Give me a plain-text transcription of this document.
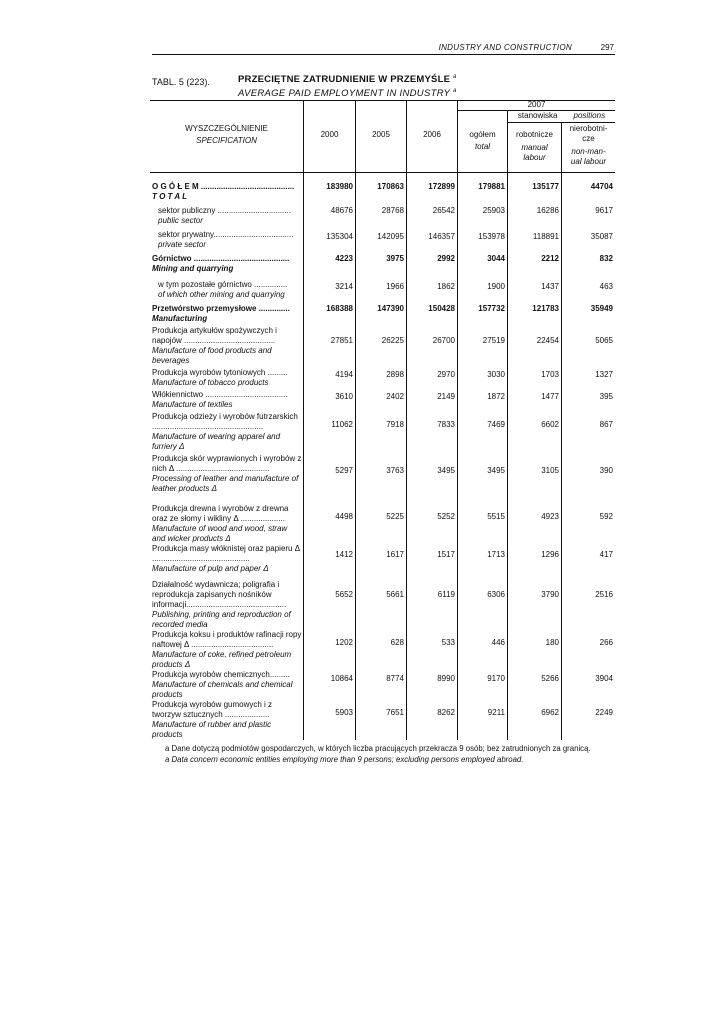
INDUSTRY AND CONSTRUCTION	297
TABL. 5 (223).	PRZECIĘTNE ZATRUDNIENIE W PRZEMYŚLE $^a$
AVERAGE PAID EMPLOYMENT IN INDUSTRY $^a$
WYSZCZEGÓLNIENIE
SPECIFICATION
2000	2005	2006
2007
ogółem
total
stanowiska positions
robotnicze
manual labour
nierobotni-cze
non-man-ual labour
O G Ó Ł E M ..........................................
T O T A L
183980	170863	172899	179881	135177	44704
sektor publiczny .................................
public sector
48676	28768	26542	25903	16286	9617
sektor prywatny....................................
private sector
135304	142095	146357	153978	118891	35087
Górnictwo ...........................................
Mining and quarrying
4223	3975	2992	3044	2212	832
w tym pozostałe górnictwo ...............
of which other mining and quarrying
3214	1966	1862	1900	1437	463
Przetwórstwo przemysłowe ..............
Manufacturing
168388	147390	150428	157732	121783	35949
Produkcja artykułów spożywczych i napojów .........................................
Manufacture of food products and beverages
27851	26225	26700	27519	22454	5065
Produkcja wyrobów tytoniowych .........
Manufacture of tobacco products
4194	2898	2970	3030	1703	1327
Włókiennictwo .....................................
Manufacture of textiles
3610	2402	2149	1872	1477	395
Produkcja odzieży i wyrobów futrzarskich ..................................................
Manufacture of wearing apparel and furriery Δ
11062	7918	7833	7469	6602	867
Produkcja skór wyprawionych i wyrobów z nich Δ ..........................................
Processing of leather and manufacture of leather products Δ
5297	3763	3495	3495	3105	390
Produkcja drewna i wyrobów z drewna oraz ze słomy i wikliny Δ ....................
Manufacture of wood and wood, straw and wicker products Δ
4498	5225	5252	5515	4923	592
Produkcja masy włóknistej oraz papieru Δ ............................................
Manufacture of pulp and paper Δ
1412	1617	1517	1713	1296	417
Działalność wydawnicza; poligrafia i reprodukcja zapisanych nośników informacji.............................................
Publishing, printing and reproduction of recorded media
5652	5661	6119	6306	3790	2516
Produkcja koksu i produktów rafinacji ropy naftowej Δ .....................................
Manufacture of coke, refined petroleum products Δ
1202	628	533	446	180	266
Produkcja wyrobów chemicznych.........
Manufacture of chemicals and chemical products
10864	8774	8990	9170	5266	3904
Produkcja wyrobów gumowych i z tworzyw sztucznych ....................
Manufacture of rubber and plastic products
5903	7651	8262	9211	6962	2249
a Dane dotyczą podmiotów gospodarczych, w których liczba pracujących przekracza 9 osób; bez zatrudnionych za granicą.
a Data concern economic entities employing more than 9 persons; excluding persons employed abroad.
